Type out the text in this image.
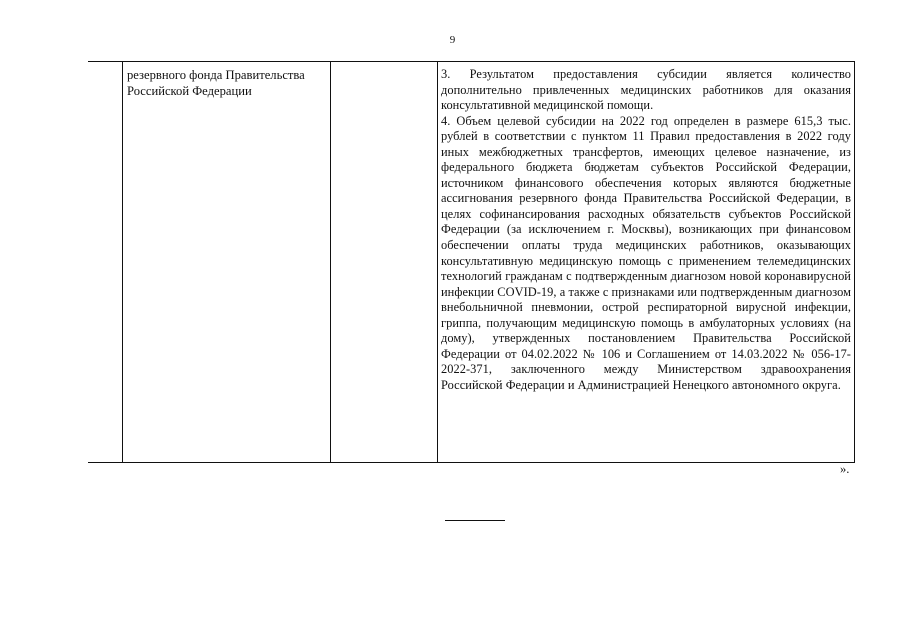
9
резервного фонда Правительства Российской Федерации

3. Результатом предоставления субсидии является количество дополнительно привлеченных медицинских работников для оказания консультативной медицинской помощи.

4. Объем целевой субсидии на 2022 год определен в размере 615,3 тыс. рублей в соответствии с пунктом 11 Правил предоставления в 2022 году иных межбюджетных трансфертов, имеющих целевое назначение, из федерального бюджета бюджетам субъектов Российской Федерации, источником финансового обеспечения которых являются бюджетные ассигнования резервного фонда Правительства Российской Федерации, в целях софинансирования расходных обязательств субъектов Российской Федерации (за исключением г. Москвы), возникающих при финансовом обеспечении оплаты труда медицинских работников, оказывающих консультативную медицинскую помощь с применением телемедицинских технологий гражданам с подтвержденным диагнозом новой коронавирусной инфекции COVID-19, а также с признаками или подтвержденным диагнозом внебольничной пневмонии, острой респираторной вирусной инфекции, гриппа, получающим медицинскую помощь в амбулаторных условиях (на дому), утвержденных постановлением Правительства Российской Федерации от 04.02.2022 № 106 и Соглашением от 14.03.2022 № 056-17-2022-371, заключенного между Министерством здравоохранения Российской Федерации и Администрацией Ненецкого автономного округа.

».
